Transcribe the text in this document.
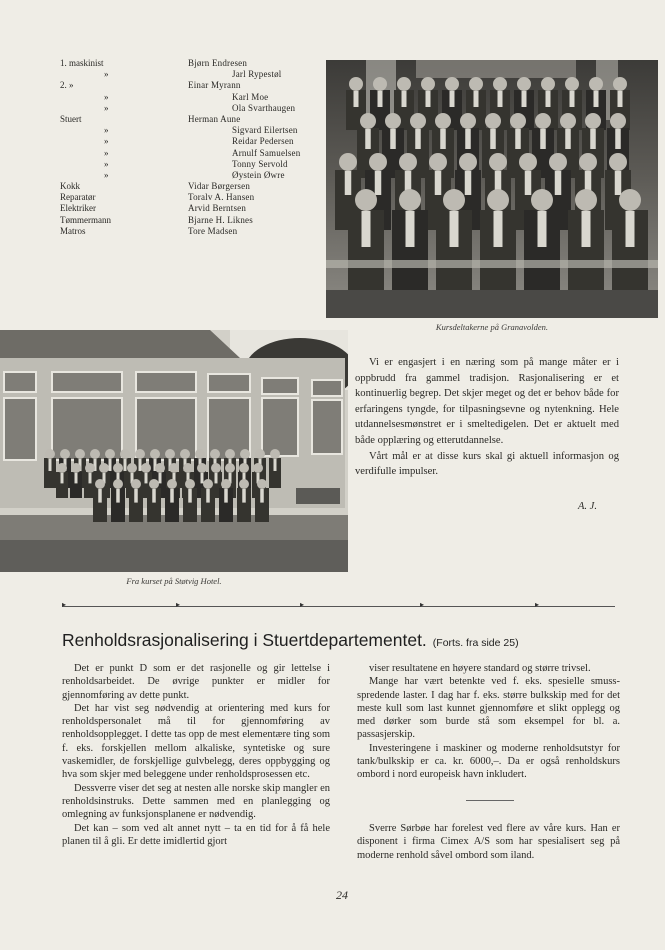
1. maskinist	Bjørn Endresen
»	Jarl Rypestøl
2. »	Einar Myrann
»	Karl Moe
»	Ola Svarthaugen
Stuert	Herman Aune
»	Sigvard Eilertsen
»	Reidar Pedersen
»	Arnulf Samuelsen
»	Tonny Servold
»	Øystein Øwre
Kokk	Vidar Børgersen
Reparatør	Toralv A. Hansen
Elektriker	Arvid Berntsen
Tømmermann	Bjarne H. Liknes
Matros	Tore Madsen
Kursdeltakerne på Granavolden.
Fra kurset på Støtvig Hotel.

Vi er engasjert i en næring som på mange måter er i oppbrudd fra gammel tradisjon. Rasjonalisering er et kontinuerlig begrep. Det skjer meget og det er behov både for erfaringens tyngde, for tilpasningsevne og nytenkning. Hele utdannelsesmønstret er i smeltedigelen. Det er aktuelt med både opplæring og etterutdannelse.

Vårt mål er at disse kurs skal gi aktuell informasjon og verdifulle impulser.

A. J.
▸	▸	▸	▸	▸
Renholdsrasjonalisering i Stuertdepartementet. (Forts. fra side 25)

Det er punkt D som er det rasjonelle og gir lettelse i renholdsarbeidet. De øvrige punkter er midler for gjennomføring av dette punkt.

Det har vist seg nødvendig at orientering med kurs for renholdspersonalet må til for gjennomføring av renholdsopplegget. I dette tas opp de mest elementære ting som f. eks. forskjellen mellom alkaliske, syntetiske og sure vaskemidler, de forskjellige gulvbelegg, deres oppbygging og hva som skjer med beleggene under renholdsprosessen etc.

Dessverre viser det seg at nesten alle norske skip mangler en renholdsinstruks. Dette sammen med en planlegging og omlegning av funksjonsplanene er nødvendig.

Det kan – som ved alt annet nytt – ta en tid for å få hele planen til å gli. Er dette imidlertid gjort

viser resultatene en høyere standard og større trivsel.

Mange har vært betenkte ved f. eks. spesielle smuss-spredende laster. I dag har f. eks. større bulkskip med for det meste kull som last kunnet gjennomføre et slikt opplegg og med dørker som burde stå som eksempel for bl. a. passasjerskip.

Investeringene i maskiner og moderne renholdsutstyr for tank/bulkskip er ca. kr. 6000,–. Da er også renholdskurs ombord i nord europeisk havn inkludert.

Sverre Sørbøe har forelest ved flere av våre kurs. Han er disponent i firma Cimex A/S som har spesialisert seg på moderne renhold såvel ombord som iland.

24
